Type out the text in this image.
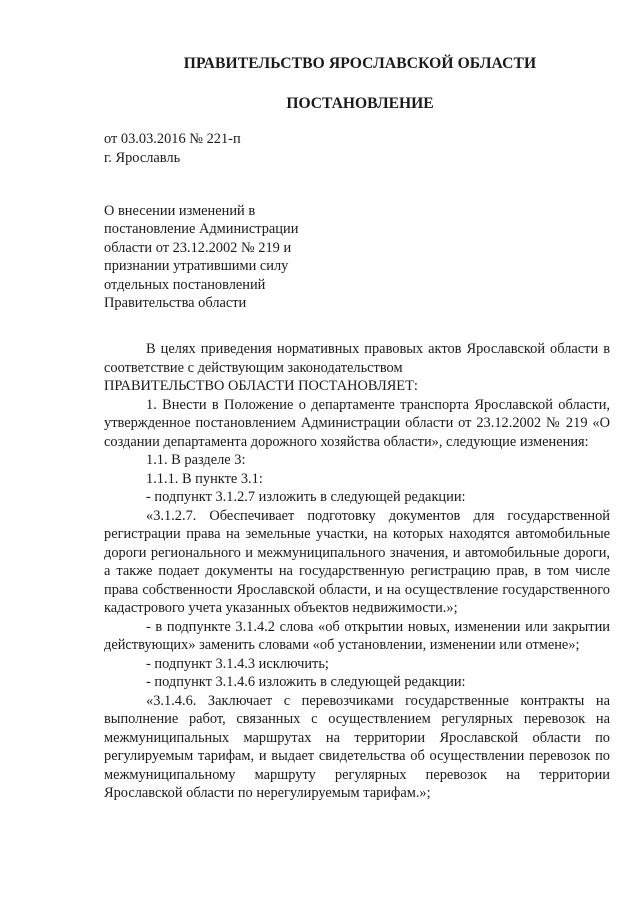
ПРАВИТЕЛЬСТВО ЯРОСЛАВСКОЙ ОБЛАСТИ
ПОСТАНОВЛЕНИЕ
от 03.03.2016 № 221-п
г. Ярославль
О внесении изменений в
постановление Администрации
области от 23.12.2002 № 219 и
признании утратившими силу
отдельных постановлений
Правительства области

В целях приведения нормативных правовых актов Ярославской области в соответствие с действующим законодательством

ПРАВИТЕЛЬСТВО ОБЛАСТИ ПОСТАНОВЛЯЕТ:

1. Внести в Положение о департаменте транспорта Ярославской области, утвержденное постановлением Администрации области от 23.12.2002 № 219 «О создании департамента дорожного хозяйства области», следующие изменения:

1.1. В разделе 3:

1.1.1. В пункте 3.1:

- подпункт 3.1.2.7 изложить в следующей редакции:

«3.1.2.7. Обеспечивает подготовку документов для государственной регистрации права на земельные участки, на которых находятся автомобильные дороги регионального и межмуниципального значения, и автомобильные дороги, а также подает документы на государственную регистрацию прав, в том числе права собственности Ярославской области, и на осуществление государственного кадастрового учета указанных объектов недвижимости.»;

- в подпункте 3.1.4.2 слова «об открытии новых, изменении или закрытии действующих» заменить словами «об установлении, изменении или отмене»;

- подпункт 3.1.4.3 исключить;

- подпункт 3.1.4.6 изложить в следующей редакции:

«3.1.4.6. Заключает с перевозчиками государственные контракты на выполнение работ, связанных с осуществлением регулярных перевозок на межмуниципальных маршрутах на территории Ярославской области по регулируемым тарифам, и выдает свидетельства об осуществлении перевозок по межмуниципальному маршруту регулярных перевозок на территории Ярославской области по нерегулируемым тарифам.»;
